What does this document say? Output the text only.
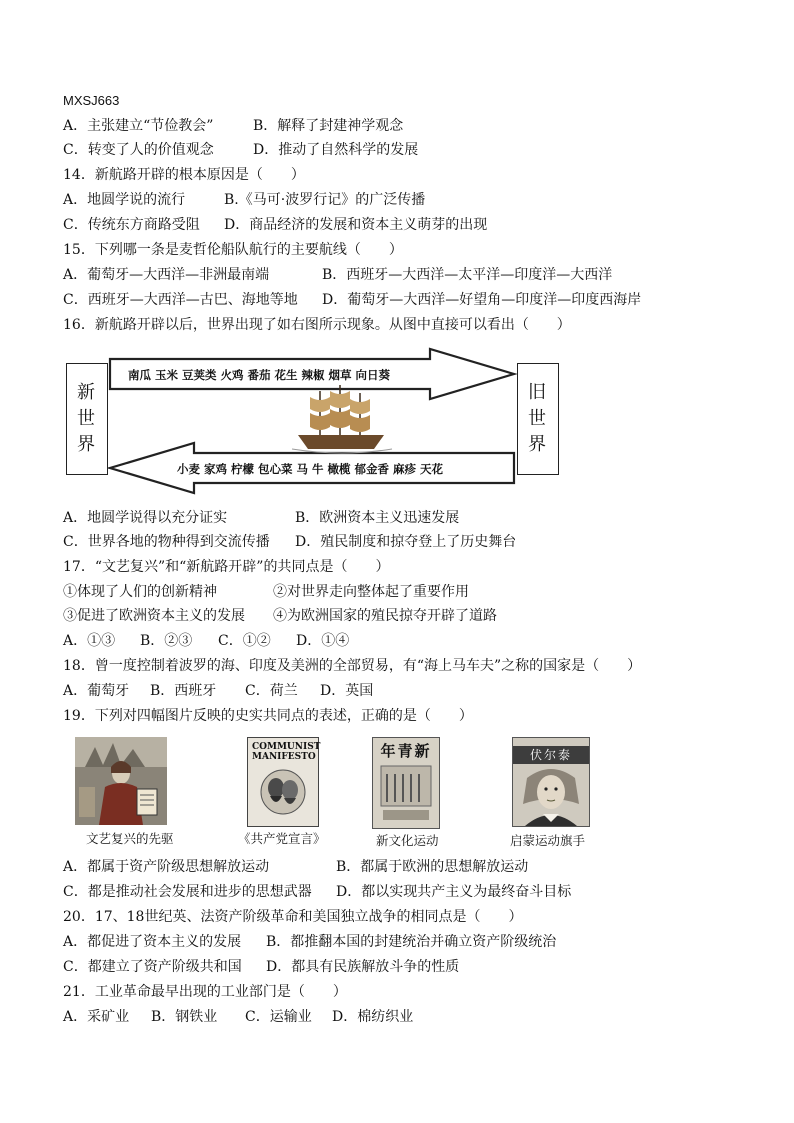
MXSJ663
A．主张建立“节俭教会”	B．解释了封建神学观念
C．转变了人的价值观念	D．推动了自然科学的发展
14．新航路开辟的根本原因是（　　）
A．地圆学说的流行	B.《马可·波罗行记》的广泛传播
C．传统东方商路受阻 D．商品经济的发展和资本主义萌芽的出现
15．下列哪一条是麦哲伦船队航行的主要航线（　　）
A．葡萄牙—大西洋—非洲最南端	B．西班牙—大西洋—太平洋—印度洋—大西洋
C．西班牙—大西洋—古巴、海地等地 D．葡萄牙—大西洋—好望角—印度洋—印度西海岸
16．新航路开辟以后，世界出现了如右图所示现象。从图中直接可以看出（　　）
新
世
界
旧
世
界
南瓜 玉米 豆荚类 火鸡 番茄 花生 辣椒 烟草 向日葵
小麦 家鸡 柠檬 包心菜 马 牛 橄榄 郁金香 麻疹 天花
A．地圆学说得以充分证实	B．欧洲资本主义迅速发展
C．世界各地的物种得到交流传播 D．殖民制度和掠夺登上了历史舞台
17．“文艺复兴”和“新航路开辟”的共同点是（　　）
①体现了人们的创新精神	②对世界走向整体起了重要作用
③促进了欧洲资本主义的发展 ④为欧洲国家的殖民掠夺开辟了道路
A．①③ B．②③ C．①② D．①④
18．曾一度控制着波罗的海、印度及美洲的全部贸易，有“海上马车夫”之称的国家是（　　）
A．葡萄牙 B．西班牙 C．荷兰 D．英国
19．下列对四幅图片反映的史实共同点的表述，正确的是（　　）
文艺复兴的先驱
COMMUNIST MANIFESTO
《共产党宣言》
年青新
新文化运动
伏尔泰
启蒙运动旗手
A．都属于资产阶级思想解放运动	B．都属于欧洲的思想解放运动
C．都是推动社会发展和进步的思想武器 D．都以实现共产主义为最终奋斗目标
20．17、18世纪英、法资产阶级革命和美国独立战争的相同点是（　　）
A．都促进了资本主义的发展 B．都推翻本国的封建统治并确立资产阶级统治
C．都建立了资产阶级共和国 D．都具有民族解放斗争的性质
21．工业革命最早出现的工业部门是（　　）
A．采矿业 B．钢铁业 C．运输业 D．棉纺织业
